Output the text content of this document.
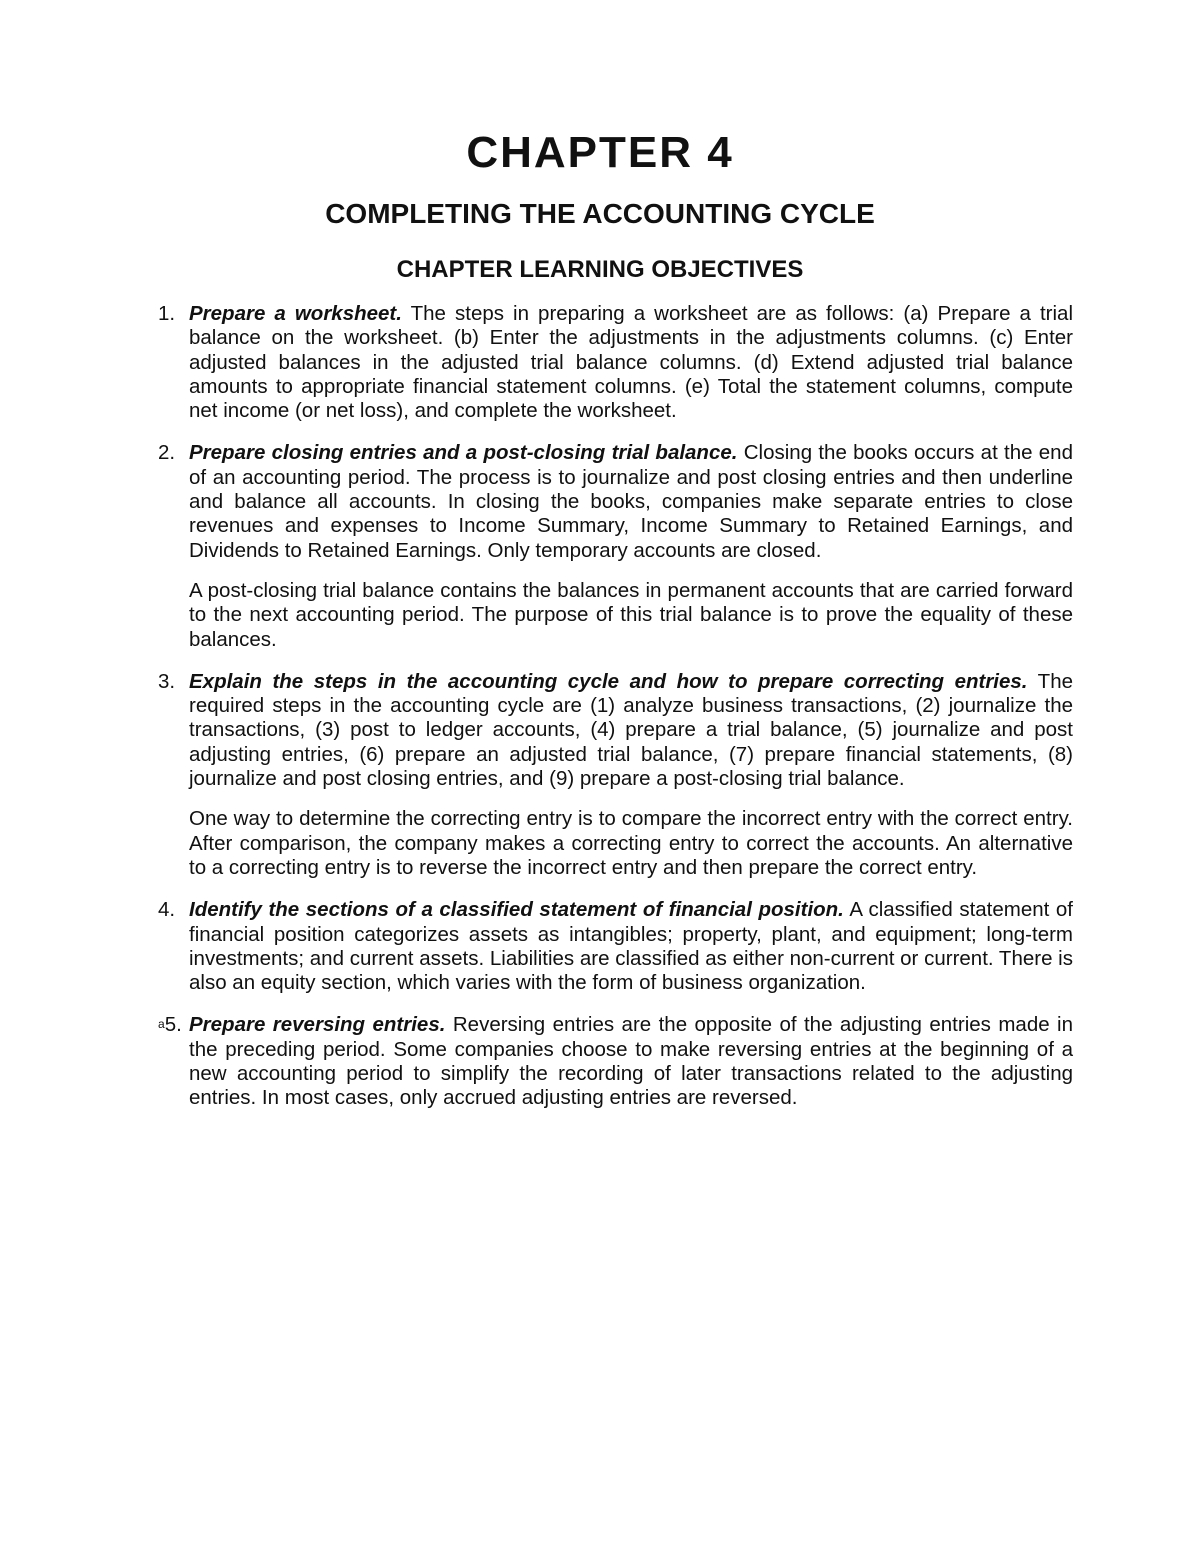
CHAPTER 4
COMPLETING THE ACCOUNTING CYCLE
CHAPTER LEARNING OBJECTIVES
1. Prepare a worksheet. The steps in preparing a worksheet are as follows: (a) Prepare a trial balance on the worksheet. (b) Enter the adjustments in the adjustments columns. (c) Enter adjusted balances in the adjusted trial balance columns. (d) Extend adjusted trial balance amounts to appropriate financial statement columns. (e) Total the statement columns, compute net income (or net loss), and complete the worksheet.

2. Prepare closing entries and a post-closing trial balance. Closing the books occurs at the end of an accounting period. The process is to journalize and post closing entries and then underline and balance all accounts. In closing the books, companies make separate entries to close revenues and expenses to Income Summary, Income Summary to Retained Earnings, and Dividends to Retained Earnings. Only temporary accounts are closed.

A post-closing trial balance contains the balances in permanent accounts that are carried forward to the next accounting period. The purpose of this trial balance is to prove the equality of these balances.

3. Explain the steps in the accounting cycle and how to prepare correcting entries. The required steps in the accounting cycle are (1) analyze business transactions, (2) journalize the transactions, (3) post to ledger accounts, (4) prepare a trial balance, (5) journalize and post adjusting entries, (6) prepare an adjusted trial balance, (7) prepare financial statements, (8) journalize and post closing entries, and (9) prepare a post-closing trial balance.

One way to determine the correcting entry is to compare the incorrect entry with the correct entry. After comparison, the company makes a correcting entry to correct the accounts. An alternative to a correcting entry is to reverse the incorrect entry and then prepare the correct entry.

4. Identify the sections of a classified statement of financial position. A classified statement of financial position categorizes assets as intangibles; property, plant, and equipment; long-term investments; and current assets. Liabilities are classified as either non-current or current. There is also an equity section, which varies with the form of business organization.

$^a$5. Prepare reversing entries. Reversing entries are the opposite of the adjusting entries made in the preceding period. Some companies choose to make reversing entries at the beginning of a new accounting period to simplify the recording of later transactions related to the adjusting entries. In most cases, only accrued adjusting entries are reversed.
